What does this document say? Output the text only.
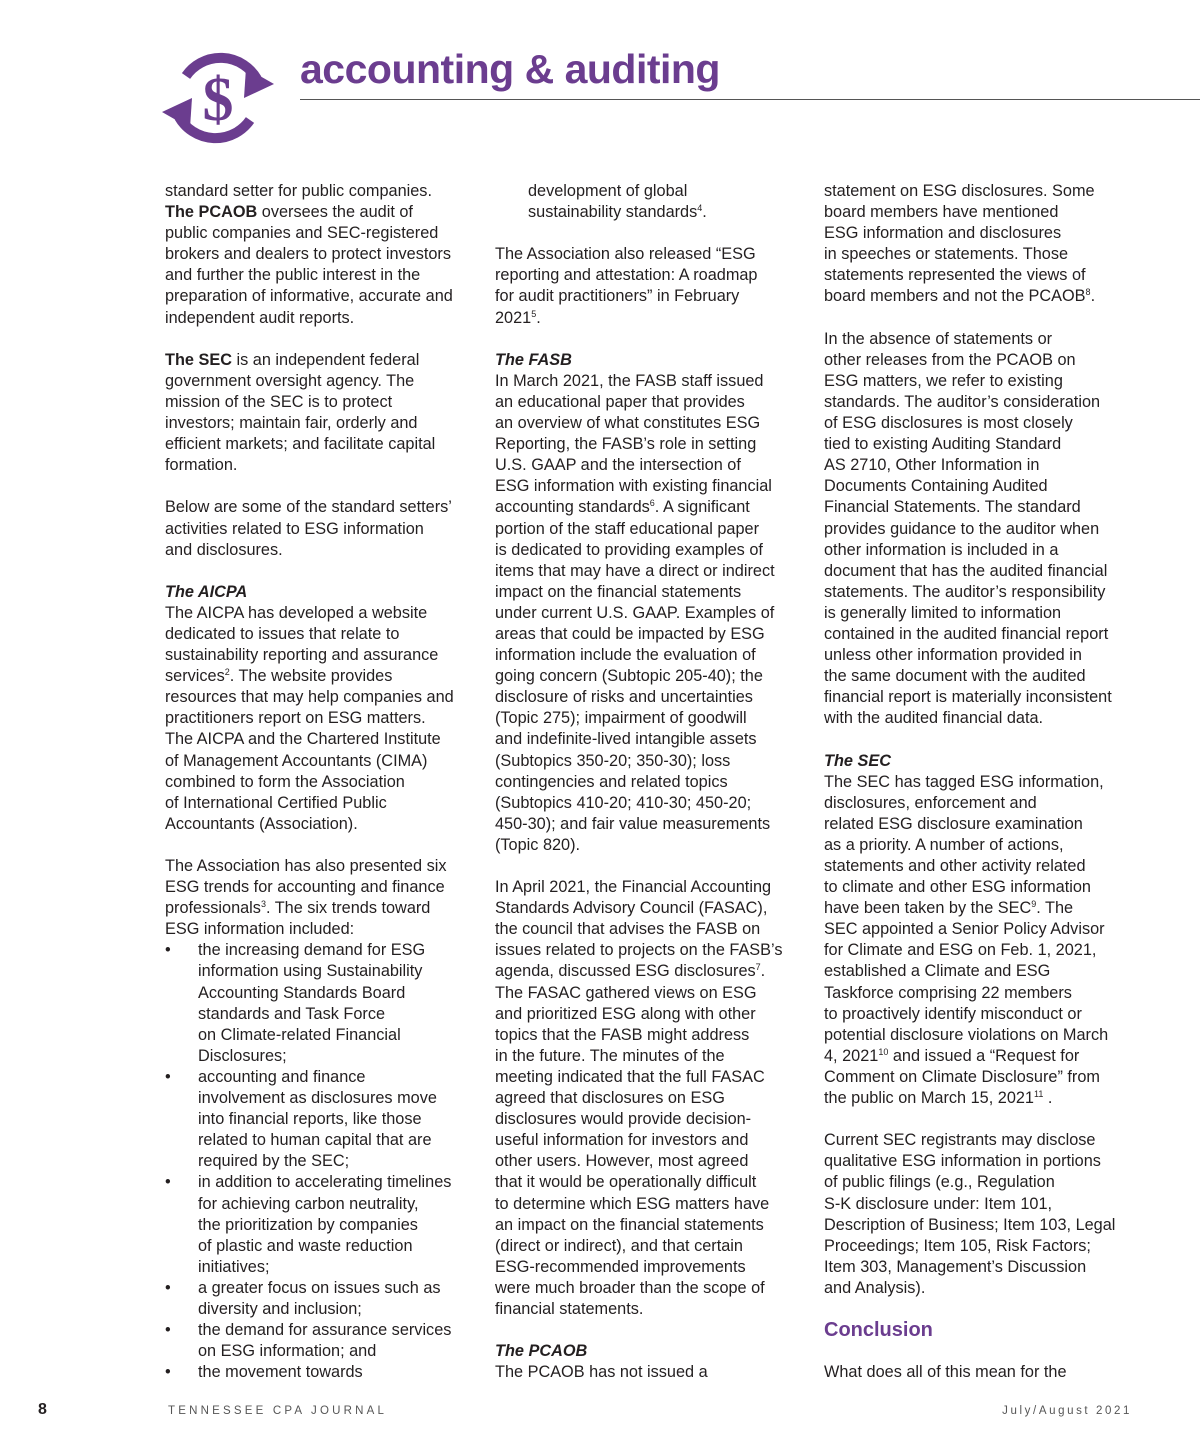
$ accounting & auditing

standard setter for public companies.
The PCAOB oversees the audit of
public companies and SEC-registered
brokers and dealers to protect investors
and further the public interest in the
preparation of informative, accurate and
independent audit reports.

The SEC is an independent federal
government oversight agency. The
mission of the SEC is to protect
investors; maintain fair, orderly and
efficient markets; and facilitate capital
formation.

Below are some of the standard setters’
activities related to ESG information
and disclosures.

The AICPA

The AICPA has developed a website
dedicated to issues that relate to
sustainability reporting and assurance
services$^2$. The website provides
resources that may help companies and
practitioners report on ESG matters.
The AICPA and the Chartered Institute
of Management Accountants (CIMA)
combined to form the Association
of International Certified Public
Accountants (Association).

The Association has also presented six
ESG trends for accounting and finance
professionals$^3$. The six trends toward
ESG information included:

• the increasing demand for ESG
information using Sustainability
Accounting Standards Board
standards and Task Force
on Climate-related Financial
Disclosures;
• accounting and finance
involvement as disclosures move
into financial reports, like those
related to human capital that are
required by the SEC;
• in addition to accelerating timelines
for achieving carbon neutrality,
the prioritization by companies
of plastic and waste reduction
initiatives;
• a greater focus on issues such as
diversity and inclusion;
• the demand for assurance services
on ESG information; and
• the movement towards

development of global
sustainability standards$^4$.

The Association also released “ESG
reporting and attestation: A roadmap
for audit practitioners” in February
2021$^5$.

The FASB

In March 2021, the FASB staff issued
an educational paper that provides
an overview of what constitutes ESG
Reporting, the FASB’s role in setting
U.S. GAAP and the intersection of
ESG information with existing financial
accounting standards$^6$. A significant
portion of the staff educational paper
is dedicated to providing examples of
items that may have a direct or indirect
impact on the financial statements
under current U.S. GAAP. Examples of
areas that could be impacted by ESG
information include the evaluation of
going concern (Subtopic 205-40); the
disclosure of risks and uncertainties
(Topic 275); impairment of goodwill
and indefinite-lived intangible assets
(Subtopics 350-20; 350-30); loss
contingencies and related topics
(Subtopics 410-20; 410-30; 450-20;
450-30); and fair value measurements
(Topic 820).

In April 2021, the Financial Accounting
Standards Advisory Council (FASAC),
the council that advises the FASB on
issues related to projects on the FASB’s
agenda, discussed ESG disclosures$^7$.
The FASAC gathered views on ESG
and prioritized ESG along with other
topics that the FASB might address
in the future. The minutes of the
meeting indicated that the full FASAC
agreed that disclosures on ESG
disclosures would provide decision-
useful information for investors and
other users. However, most agreed
that it would be operationally difficult
to determine which ESG matters have
an impact on the financial statements
(direct or indirect), and that certain
ESG-recommended improvements
were much broader than the scope of
financial statements.

The PCAOB

The PCAOB has not issued a

statement on ESG disclosures. Some
board members have mentioned
ESG information and disclosures
in speeches or statements. Those
statements represented the views of
board members and not the PCAOB$^8$.

In the absence of statements or
other releases from the PCAOB on
ESG matters, we refer to existing
standards. The auditor’s consideration
of ESG disclosures is most closely
tied to existing Auditing Standard
AS 2710, Other Information in
Documents Containing Audited
Financial Statements. The standard
provides guidance to the auditor when
other information is included in a
document that has the audited financial
statements. The auditor’s responsibility
is generally limited to information
contained in the audited financial report
unless other information provided in
the same document with the audited
financial report is materially inconsistent
with the audited financial data.

The SEC

The SEC has tagged ESG information,
disclosures, enforcement and
related ESG disclosure examination
as a priority. A number of actions,
statements and other activity related
to climate and other ESG information
have been taken by the SEC$^9$. The
SEC appointed a Senior Policy Advisor
for Climate and ESG on Feb. 1, 2021,
established a Climate and ESG
Taskforce comprising 22 members
to proactively identify misconduct or
potential disclosure violations on March
4, 2021$^{10}$ and issued a “Request for
Comment on Climate Disclosure” from
the public on March 15, 2021$^{11}$ .

Current SEC registrants may disclose
qualitative ESG information in portions
of public filings (e.g., Regulation
S-K disclosure under: Item 101,
Description of Business; Item 103, Legal
Proceedings; Item 105, Risk Factors;
Item 303, Management’s Discussion
and Analysis).

Conclusion

What does all of this mean for the

8	TENNESSEE CPA JOURNAL	July/August 2021
